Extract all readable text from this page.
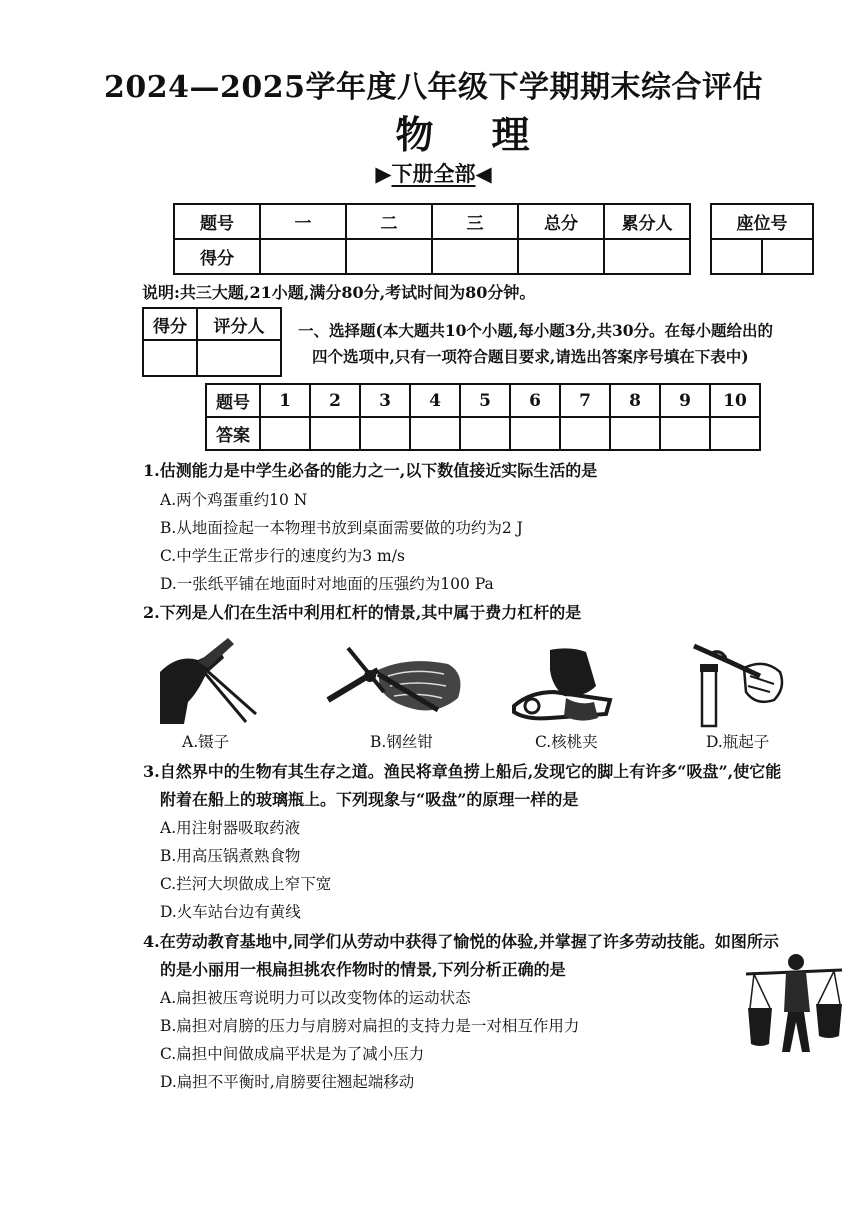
2024—2025学年度八年级下学期期末综合评估
物理
▶下册全部◀
题号	一	二	三	总分	累分人
得分					
座位号

说明:共三大题,21小题,满分80分,考试时间为80分钟。
得分	评分人
	一、选择题(本大题共10个小题,每小题3分,共30分。在每小题给出的
四个选项中,只有一项符合题目要求,请选出答案序号填在下表中)
题号	1	2	3	4	5	6	7	8	9	10
答案										
1.估测能力是中学生必备的能力之一,以下数值接近实际生活的是
A.两个鸡蛋重约10 N
B.从地面捡起一本物理书放到桌面需要做的功约为2 J
C.中学生正常步行的速度约为3 m/s
D.一张纸平铺在地面时对地面的压强约为100 Pa
2.下列是人们在生活中利用杠杆的情景,其中属于费力杠杆的是
A.镊子	B.钢丝钳	C.核桃夹	D.瓶起子
3.自然界中的生物有其生存之道。渔民将章鱼捞上船后,发现它的脚上有许多“吸盘”,使它能
附着在船上的玻璃瓶上。下列现象与“吸盘”的原理一样的是
A.用注射器吸取药液
B.用高压锅煮熟食物
C.拦河大坝做成上窄下宽
D.火车站台边有黄线
4.在劳动教育基地中,同学们从劳动中获得了愉悦的体验,并掌握了许多劳动技能。如图所示
的是小丽用一根扁担挑农作物时的情景,下列分析正确的是
A.扁担被压弯说明力可以改变物体的运动状态
B.扁担对肩膀的压力与肩膀对扁担的支持力是一对相互作用力
C.扁担中间做成扁平状是为了减小压力
D.扁担不平衡时,肩膀要往翘起端移动
